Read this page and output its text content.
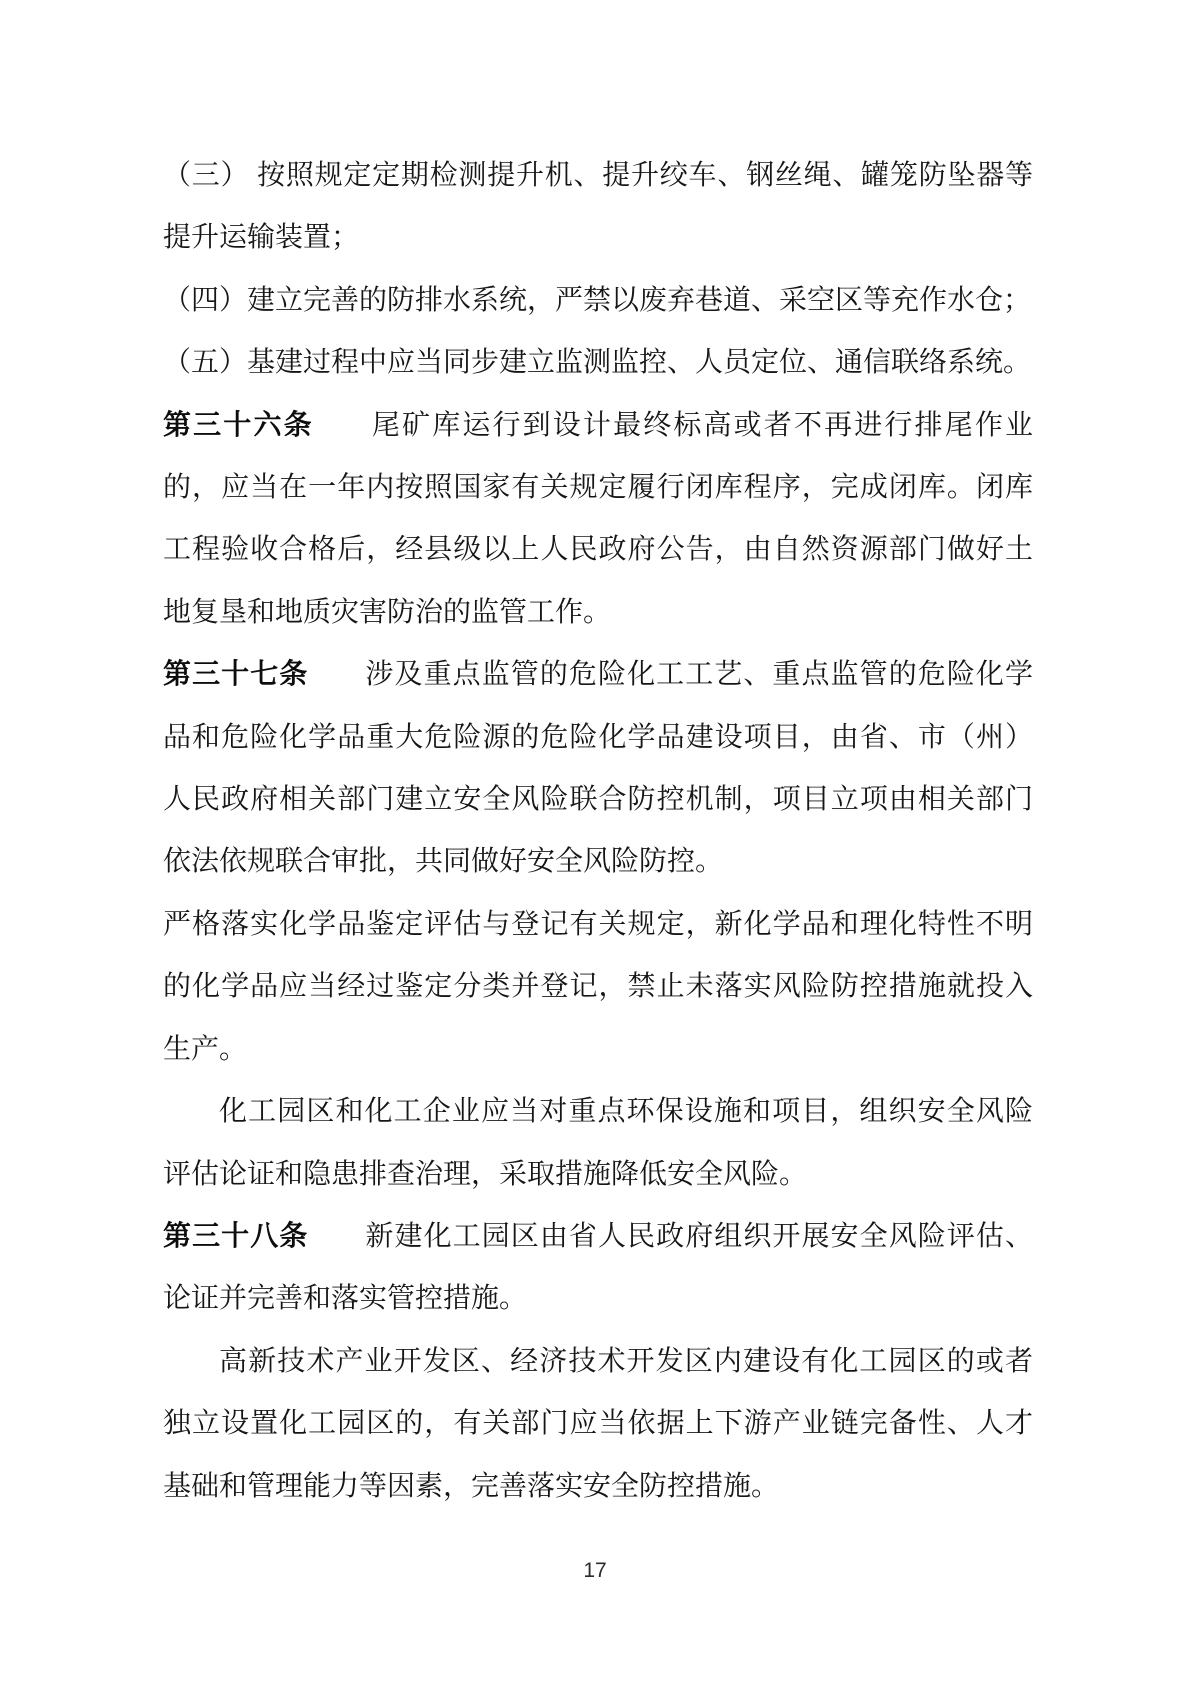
（三） 按照规定定期检测提升机、提升绞车、钢丝绳、罐笼防坠器等
提升运输装置；
（四）建立完善的防排水系统，严禁以废弃巷道、采空区等充作水仓；
（五）基建过程中应当同步建立监测监控、人员定位、通信联络系统。
第三十六条 尾矿库运行到设计最终标高或者不再进行排尾作业
的，应当在一年内按照国家有关规定履行闭库程序，完成闭库。闭库
工程验收合格后，经县级以上人民政府公告，由自然资源部门做好土
地复垦和地质灾害防治的监管工作。
第三十七条 涉及重点监管的危险化工工艺、重点监管的危险化学
品和危险化学品重大危险源的危险化学品建设项目，由省、市（州）
人民政府相关部门建立安全风险联合防控机制，项目立项由相关部门
依法依规联合审批，共同做好安全风险防控。
严格落实化学品鉴定评估与登记有关规定，新化学品和理化特性不明
的化学品应当经过鉴定分类并登记，禁止未落实风险防控措施就投入
生产。
化工园区和化工企业应当对重点环保设施和项目，组织安全风险
评估论证和隐患排查治理，采取措施降低安全风险。
第三十八条 新建化工园区由省人民政府组织开展安全风险评估、
论证并完善和落实管控措施。
高新技术产业开发区、经济技术开发区内建设有化工园区的或者
独立设置化工园区的，有关部门应当依据上下游产业链完备性、人才
基础和管理能力等因素，完善落实安全防控措施。
17
